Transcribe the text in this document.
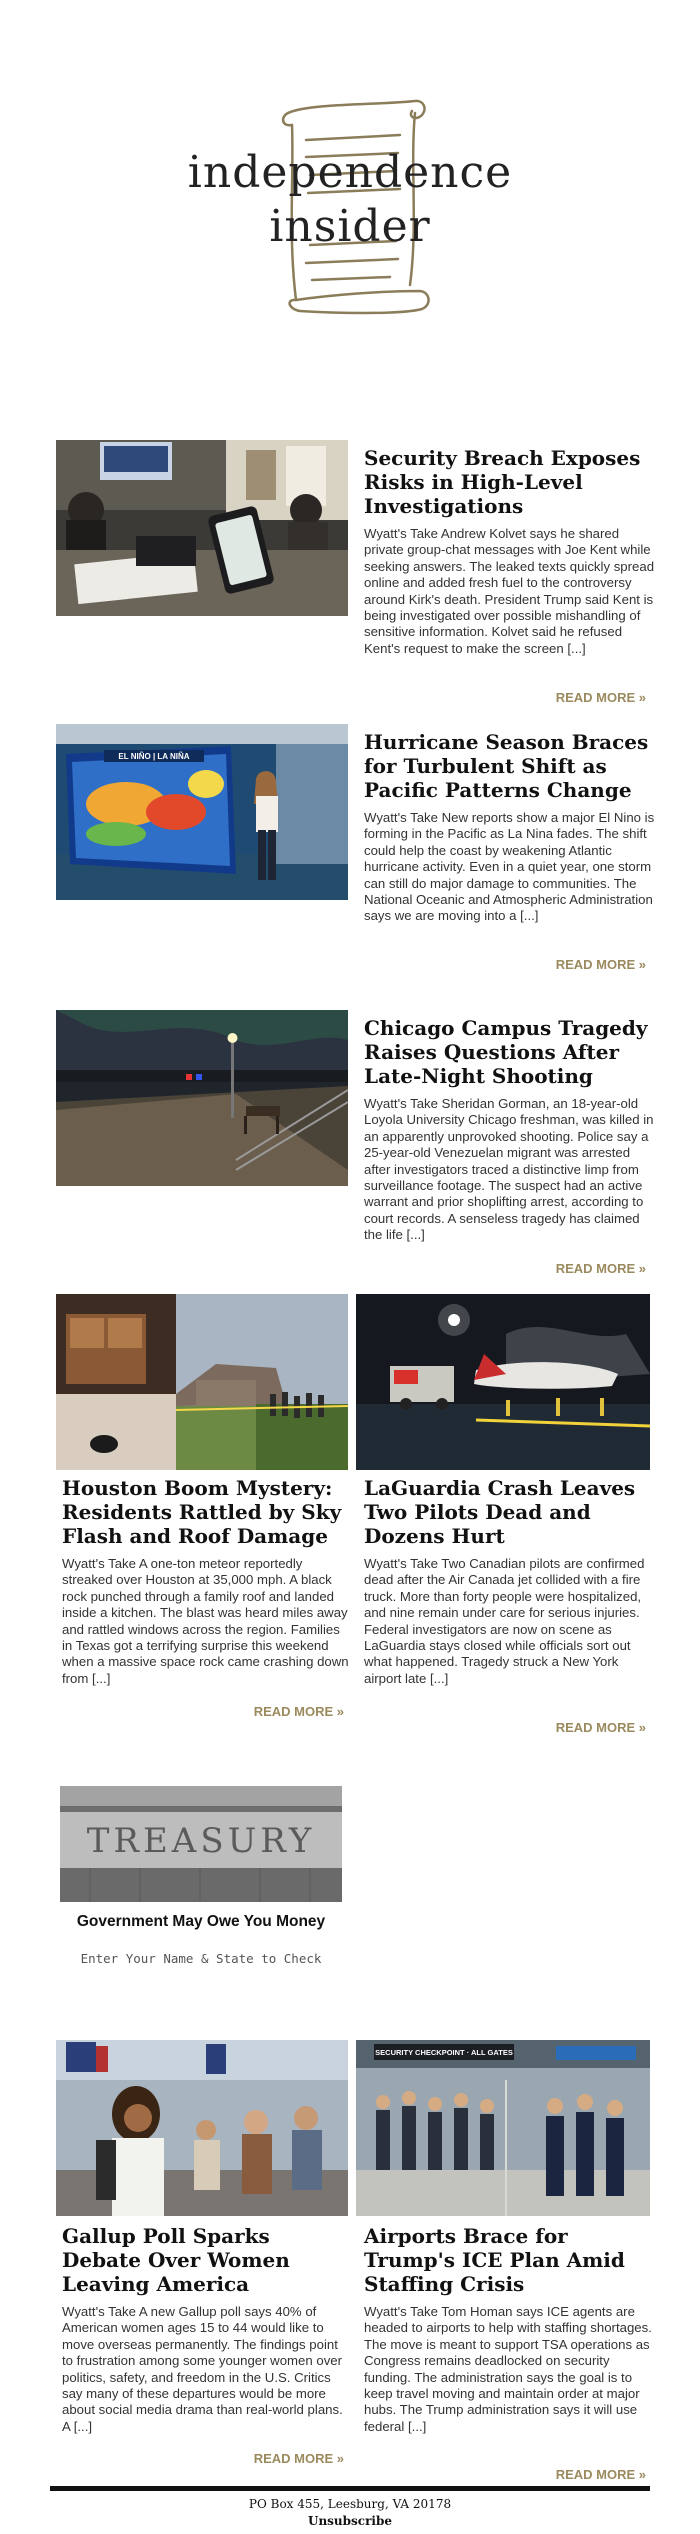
independence
insider
Security Breach Exposes Risks in High-Level Investigations
Wyatt's Take Andrew Kolvet says he shared private group-chat messages with Joe Kent while seeking answers. The leaked texts quickly spread online and added fresh fuel to the controversy around Kirk's death. President Trump said Kent is being investigated over possible mishandling of sensitive information. Kolvet said he refused Kent's request to make the screen [...]
READ MORE »
EL NIÑO | LA NIÑA
Hurricane Season Braces for Turbulent Shift as Pacific Patterns Change
Wyatt's Take New reports show a major El Nino is forming in the Pacific as La Nina fades. The shift could help the coast by weakening Atlantic hurricane activity. Even in a quiet year, one storm can still do major damage to communities. The National Oceanic and Atmospheric Administration says we are moving into a [...]
READ MORE »
Chicago Campus Tragedy Raises Questions After Late-Night Shooting
Wyatt's Take Sheridan Gorman, an 18-year-old Loyola University Chicago freshman, was killed in an apparently unprovoked shooting. Police say a 25-year-old Venezuelan migrant was arrested after investigators traced a distinctive limp from surveillance footage. The suspect had an active warrant and prior shoplifting arrest, according to court records. A senseless tragedy has claimed the life [...]
READ MORE »
Houston Boom Mystery: Residents Rattled by Sky Flash and Roof Damage
Wyatt's Take A one-ton meteor reportedly streaked over Houston at 35,000 mph. A black rock punched through a family roof and landed inside a kitchen. The blast was heard miles away and rattled windows across the region. Families in Texas got a terrifying surprise this weekend when a massive space rock came crashing down from [...]
READ MORE »
LaGuardia Crash Leaves Two Pilots Dead and Dozens Hurt
Wyatt's Take Two Canadian pilots are confirmed dead after the Air Canada jet collided with a fire truck. More than forty people were hospitalized, and nine remain under care for serious injuries. Federal investigators are now on scene as LaGuardia stays closed while officials sort out what happened. Tragedy struck a New York airport late [...]
READ MORE »
TREASURY
Government May Owe You Money
Enter Your Name & State to Check
Gallup Poll Sparks Debate Over Women Leaving America
Wyatt's Take A new Gallup poll says 40% of American women ages 15 to 44 would like to move overseas permanently. The findings point to frustration among some younger women over politics, safety, and freedom in the U.S. Critics say many of these departures would be more about social media drama than real-world plans. A [...]
READ MORE »
SECURITY CHECKPOINT · ALL GATES
Airports Brace for Trump's ICE Plan Amid Staffing Crisis
Wyatt's Take Tom Homan says ICE agents are headed to airports to help with staffing shortages. The move is meant to support TSA operations as Congress remains deadlocked on security funding. The administration says the goal is to keep travel moving and maintain order at major hubs. The Trump administration says it will use federal [...]
READ MORE »
PO Box 455, Leesburg, VA 20178
Unsubscribe
